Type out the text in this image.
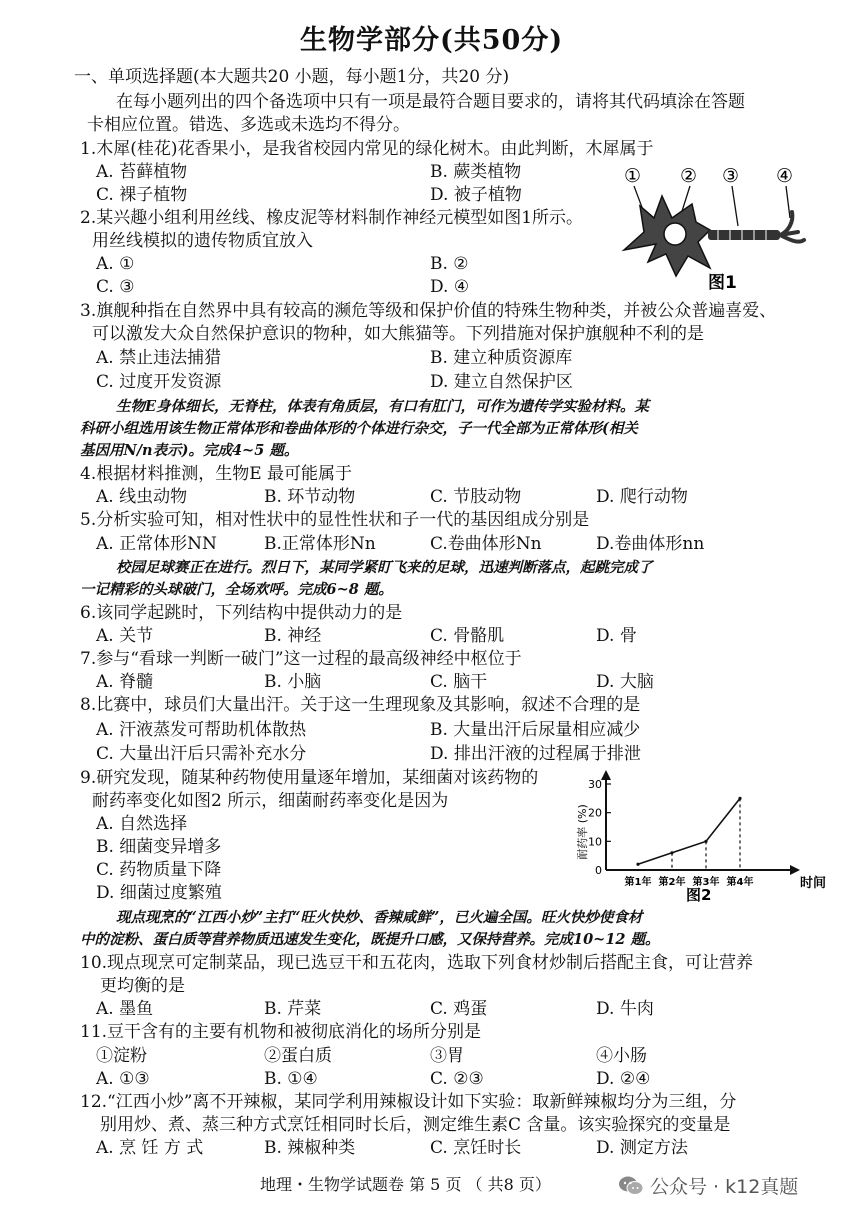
生物学部分(共50分)
一、单项选择题(本大题共20 小题，每小题1分，共20 分)
在每小题列出的四个备选项中只有一项是最符合题目要求的，请将其代码填涂在答题
卡相应位置。错选、多选或未选均不得分。
1.木犀(桂花)花香果小，是我省校园内常见的绿化树木。由此判断，木犀属于
A. 苔藓植物	B. 蕨类植物
C. 裸子植物	D. 被子植物
① ② ③ ④
图1
2.某兴趣小组利用丝线、橡皮泥等材料制作神经元模型如图1所示。
用丝线模拟的遗传物质宜放入
A. ①	B. ②
C. ③	D. ④
3.旗舰种指在自然界中具有较高的濒危等级和保护价值的特殊生物种类，并被公众普遍喜爱、
可以激发大众自然保护意识的物种，如大熊猫等。下列措施对保护旗舰种不利的是
A. 禁止违法捕猎	B. 建立种质资源库
C. 过度开发资源	D. 建立自然保护区
生物E身体细长，无脊柱，体表有角质层，有口有肛门，可作为遗传学实验材料。某
科研小组选用该生物正常体形和卷曲体形的个体进行杂交，子一代全部为正常体形(相关
基因用N/n表示)。完成4~5 题。
4.根据材料推测，生物E 最可能属于
A. 线虫动物	B. 环节动物	C. 节肢动物	D. 爬行动物
5.分析实验可知，相对性状中的显性性状和子一代的基因组成分别是
A. 正常体形NN	B.正常体形Nn	C.卷曲体形Nn	D.卷曲体形nn
校园足球赛正在进行。烈日下，某同学紧盯飞来的足球，迅速判断落点，起跳完成了
一记精彩的头球破门，全场欢呼。完成6~8 题。
6.该同学起跳时，下列结构中提供动力的是
A. 关节	B. 神经	C. 骨骼肌	D. 骨
7.参与“看球一判断一破门”这一过程的最高级神经中枢位于
A. 脊髓	B. 小脑	C. 脑干	D. 大脑
8.比赛中，球员们大量出汗。关于这一生理现象及其影响，叙述不合理的是
A. 汗液蒸发可帮助机体散热	B. 大量出汗后尿量相应减少
C. 大量出汗后只需补充水分	D. 排出汗液的过程属于排泄
9.研究发现，随某种药物使用量逐年增加，某细菌对该药物的
耐药率变化如图2 所示，细菌耐药率变化是因为
A. 自然选择
B. 细菌变异增多
C. 药物质量下降
D. 细菌过度繁殖
0
10
20
30
第1年 第2年 第3年 第4年
耐药率 (%)
时间
图2
现点现烹的“江西小炒”主打“旺火快炒、香辣咸鲜”，已火遍全国。旺火快炒使食材
中的淀粉、蛋白质等营养物质迅速发生变化，既提升口感，又保持营养。完成10~12 题。
10.现点现烹可定制菜品，现已选豆干和五花肉，选取下列食材炒制后搭配主食，可让营养
更均衡的是
A. 墨鱼	B. 芹菜	C. 鸡蛋	D. 牛肉
11.豆干含有的主要有机物和被彻底消化的场所分别是
①淀粉	②蛋白质	③胃	④小肠
A. ①③	B. ①④	C. ②③	D. ②④
12.“江西小炒”离不开辣椒，某同学利用辣椒设计如下实验：取新鲜辣椒均分为三组，分
别用炒、煮、蒸三种方式烹饪相同时长后，测定维生素C 含量。该实验探究的变量是
A. 烹 饪 方 式	B. 辣椒种类	C. 烹饪时长	D. 测定方法
地理・生物学试题卷 第 5 页 （ 共8 页）	公众号 · k12真题
